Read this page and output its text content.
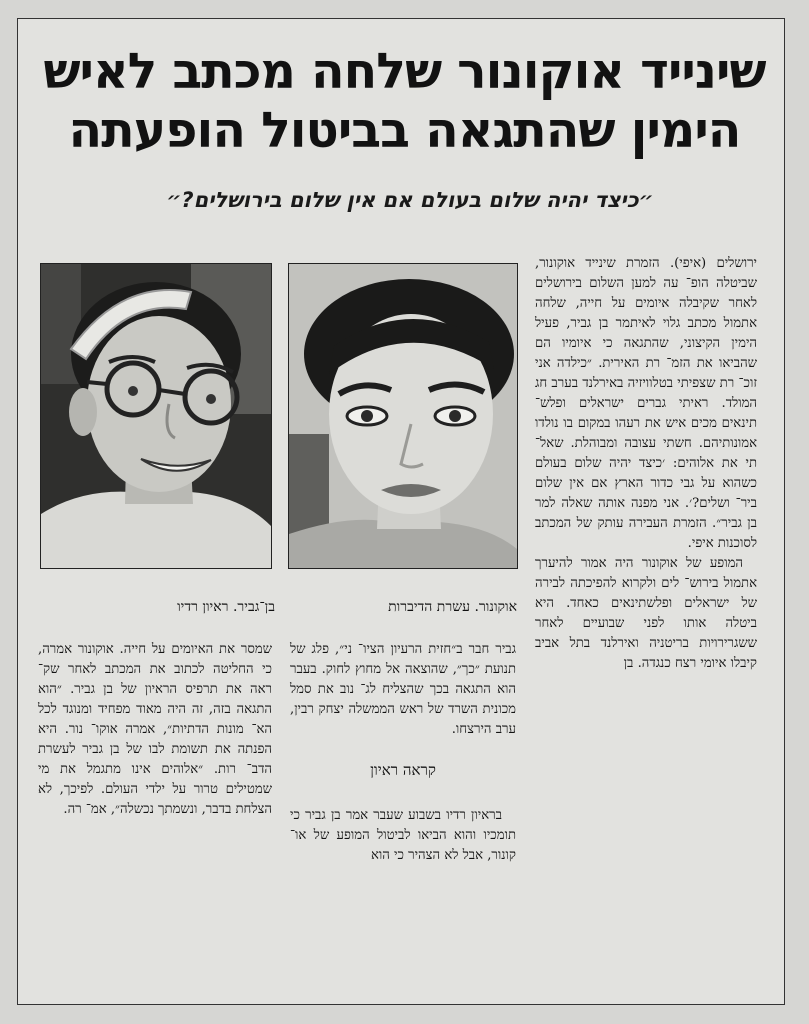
שינייד אוקונור שלחה מכתב לאיש
הימין שהתגאה בביטול הופעתה
״כיצד יהיה שלום בעולם אם אין שלום בירושלים?״
בן־גביר. ראיון רדיו	אוקונור. עשרת הדיברות

ירושלים (איפי). הזמרת שינייד אוקונור, שביטלה הופ־ עה למען השלום בירושלים לאחר שקיבלה איומים על חייה, שלחה אתמול מכתב גלוי לאיתמר בן גביר, פעיל הימין הקיצוני, שהתגאה כי איומיו הם שהביאו את הזמ־ רת האירית. ״כילדה אני זוכ־ רת שצפיתי בטלוויזיה באירלנד בערב חג המולד. ראיתי גברים ישראלים ופלש־ תינאים מכים איש את רעהו במקום בו נולדו אמונותיהם. חשתי עצובה ומבוהלת. שאל־ תי את אלוהים: ׳כיצד יהיה שלום בעולם כשהוא על גבי כדור הארץ אם אין שלום ביר־ ושלים?׳. אני מפנה אותה שאלה למר בן גביר״. הזמרת העבירה עותק של המכתב לסוכנות איפי.

המופע של אוקונור היה אמור להיערך אתמול בירוש־ לים ולקרוא להפיכתה לבירה של ישראלים ופלשתינאים כאחד. היא ביטלה אותו לפני שבועיים לאחר ששגרירויות בריטניה ואירלנד בתל אביב קיבלו איומי רצח כנגדה. בן

גביר חבר ב״חזית הרעיון הציו־ ני״, פלג של תנועת ״כך״, שהוצאה אל מחוץ לחוק. בעבר הוא התגאה בכך שהצליח לג־ נוב את סמל מכונית השרד של ראש הממשלה יצחק רבין, ערב הירצחו.

קראה ראיון

בראיון רדיו בשבוע שעבר אמר בן גביר כי תומכיו והוא הביאו לביטול המופע של או־ קונור, אבל לא הצהיר כי הוא

שמסר את האיומים על חייה. אוקונור אמרה, כי החליטה לכתוב את המכתב לאחר שק־ ראה את תרפיס הראיון של בן גביר. ״הוא התגאה בזה, זה היה מאוד מפחיד ומנוגד לכל הא־ מונות הדתיות״, אמרה אוקו־ נור. היא הפנתה את תשומת לבו של בן גביר לעשרת הדב־ רות. ״אלוהים אינו מתגמל את מי שמטילים טרור על ילדי העולם. לפיכך, לא הצלחת בדבר, ונשמתך נכשלה״, אמ־ רה.
